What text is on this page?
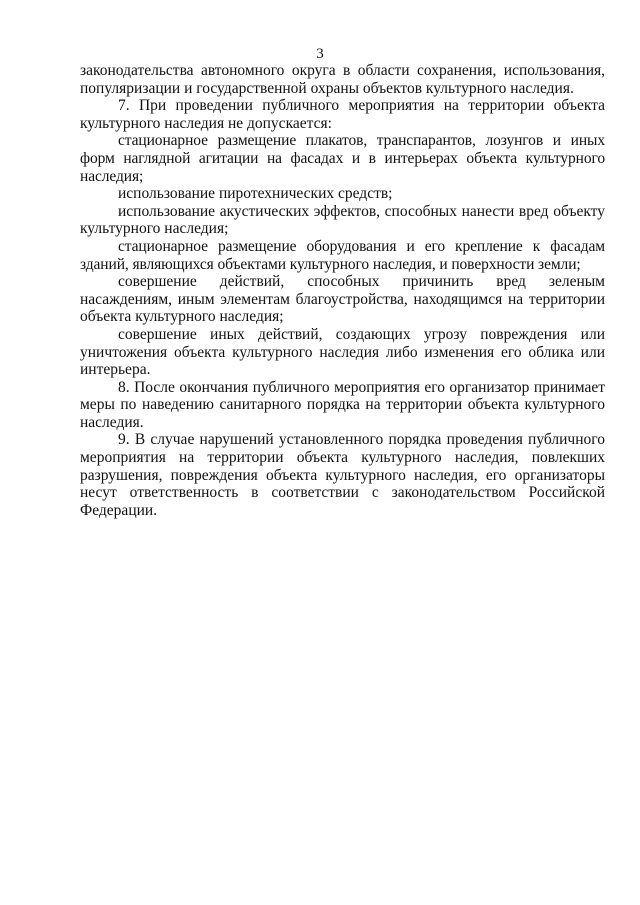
3

законодательства автономного округа в области сохранения, использования, популяризации и государственной охраны объектов культурного наследия.

7. При проведении публичного мероприятия на территории объекта культурного наследия не допускается:

стационарное размещение плакатов, транспарантов, лозунгов и иных форм наглядной агитации на фасадах и в интерьерах объекта культурного наследия;

использование пиротехнических средств;

использование акустических эффектов, способных нанести вред объекту культурного наследия;

стационарное размещение оборудования и его крепление к фасадам зданий, являющихся объектами культурного наследия, и поверхности земли;

совершение действий, способных причинить вред зеленым насаждениям, иным элементам благоустройства, находящимся на территории объекта культурного наследия;

совершение иных действий, создающих угрозу повреждения или уничтожения объекта культурного наследия либо изменения его облика или интерьера.

8. После окончания публичного мероприятия его организатор принимает меры по наведению санитарного порядка на территории объекта культурного наследия.

9. В случае нарушений установленного порядка проведения публичного мероприятия на территории объекта культурного наследия, повлекших разрушения, повреждения объекта культурного наследия, его организаторы несут ответственность в соответствии с законодательством Российской Федерации.
